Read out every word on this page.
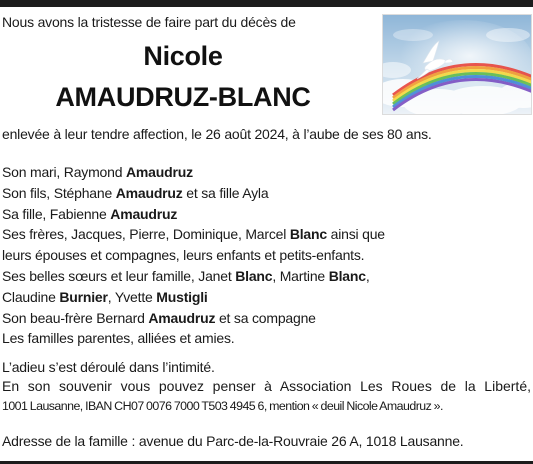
Nous avons la tristesse de faire part du décès de
Nicole
AMAUDRUZ-BLANC
enlevée à leur tendre affection, le 26 août 2024, à l’aube de ses 80 ans.
Son mari, Raymond Amaudruz
Son fils, Stéphane Amaudruz et sa fille Ayla
Sa fille, Fabienne Amaudruz
Ses frères, Jacques, Pierre, Dominique, Marcel Blanc ainsi que
leurs épouses et compagnes, leurs enfants et petits-enfants.
Ses belles sœurs et leur famille, Janet Blanc, Martine Blanc,
Claudine Burnier, Yvette Mustigli
Son beau-frère Bernard Amaudruz et sa compagne
Les familles parentes, alliées et amies.
L’adieu s’est déroulé dans l’intimité.
En son souvenir vous pouvez penser à Association Les Roues de la Liberté,
1001 Lausanne, IBAN CH07 0076 7000 T503 4945 6, mention « deuil Nicole Amaudruz ».
Adresse de la famille : avenue du Parc-de-la-Rouvraie 26 A, 1018 Lausanne.
